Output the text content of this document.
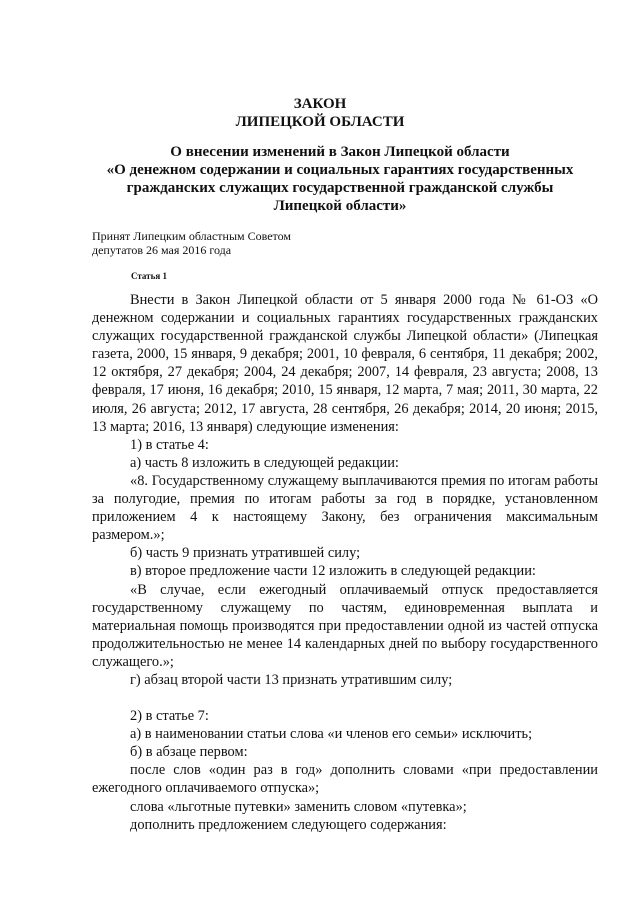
ЗАКОН
ЛИПЕЦКОЙ ОБЛАСТИ
О внесении изменений в Закон Липецкой области
«О денежном содержании и социальных гарантиях государственных
гражданских служащих государственной гражданской службы
Липецкой области»
Принят Липецким областным Советом
депутатов 26 мая 2016 года
Статья 1

Внести в Закон Липецкой области от 5 января 2000 года № 61-ОЗ «О денежном содержании и социальных гарантиях государственных гражданских служащих государственной гражданской службы Липецкой области» (Липецкая газета, 2000, 15 января, 9 декабря; 2001, 10 февраля, 6 сентября, 11 декабря; 2002, 12 октября, 27 декабря; 2004, 24 декабря; 2007, 14 февраля, 23 августа; 2008, 13 февраля, 17 июня, 16 декабря; 2010, 15 января, 12 марта, 7 мая; 2011, 30 марта, 22 июля, 26 августа; 2012, 17 августа, 28 сентября, 26 декабря; 2014, 20 июня; 2015, 13 марта; 2016, 13 января) следующие изменения:

1) в статье 4:

а) часть 8 изложить в следующей редакции:

«8. Государственному служащему выплачиваются премия по итогам работы за полугодие, премия по итогам работы за год в порядке, установленном приложением 4 к настоящему Закону, без ограничения максимальным размером.»;

б) часть 9 признать утратившей силу;

в) второе предложение части 12 изложить в следующей редакции:

«В случае, если ежегодный оплачиваемый отпуск предоставляется государственному служащему по частям, единовременная выплата и материальная помощь производятся при предоставлении одной из частей отпуска продолжительностью не менее 14 календарных дней по выбору государственного служащего.»;

г) абзац второй части 13 признать утратившим силу;

2) в статье 7:

а) в наименовании статьи слова «и членов его семьи» исключить;

б) в абзаце первом:

после слов «один раз в год» дополнить словами «при предоставлении ежегодного оплачиваемого отпуска»;

слова «льготные путевки» заменить словом «путевка»;

дополнить предложением следующего содержания:
